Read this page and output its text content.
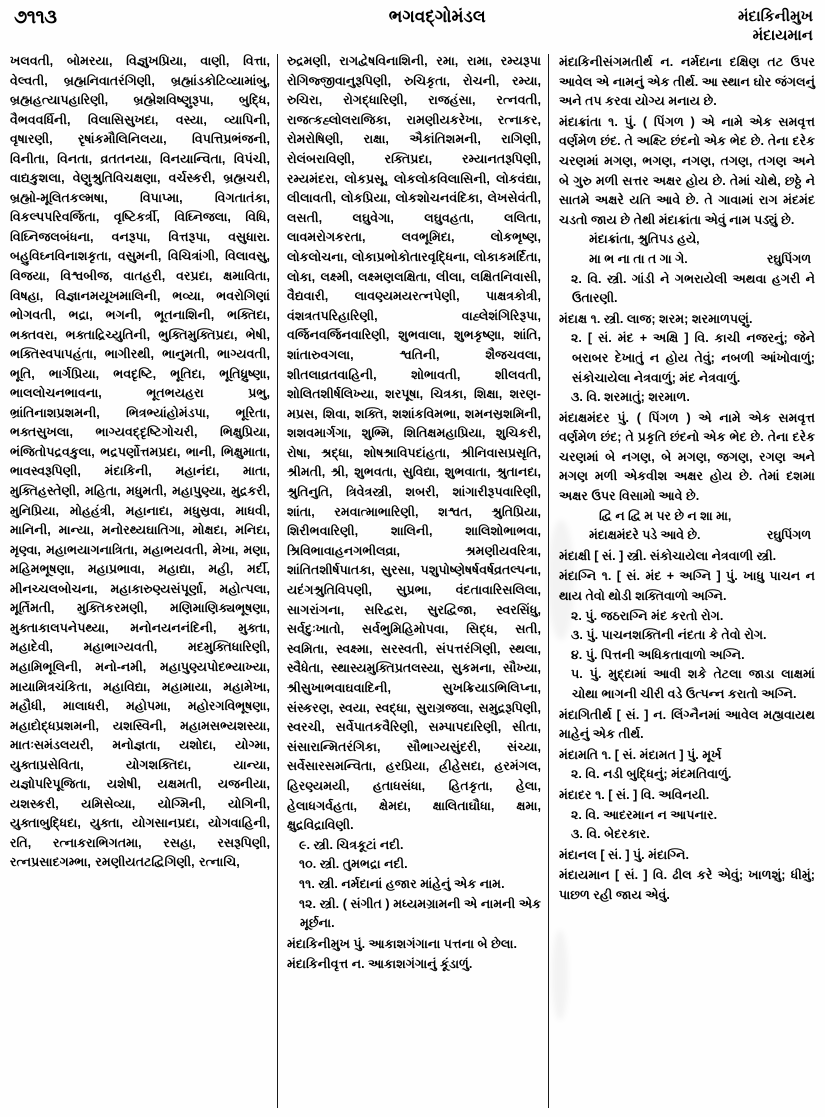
૭૧૧૩	ભગવદ્ગોમંડલ	મંદાકિનીમુખ
મંદાયમાન
ખલવતી, બોમરયા, વિજ્ઞુખપ્રિયા, વાણી, વિત્તા, વેલ્વતી, બ્રહ્મનિવાતરંગિણી, બ્રહ્માંડકોટિવ્યામાંબુ, બ્રહ્મહત્યાપહારિણી, બ્રહ્મેશવિષ્ણુરૂપા, બુદ્ધિ, વૈભવવર્ધિની, વિલાસિસુખદા, વસ્યા, વ્યાપિની, વૃષારણી, રૃષાંકમૌલિનિલયા, વિપત્તિપ્રભંજની, વિનીતા, વિનતા, વ્રતતનયા, વિનયાન્વિતા, વિપંચી, વાદ્યકુશલા, વેણુશ્રુતિવિચક્ષણા, વર્ચસ્કરી, બ્રહ્મચરી, બ્રહ્મો-મૂલિતકલ્મષા, વિપાપ્મા, વિગતાતંકા, વિકલ્પપરિવર્જિતા, વૃષ્ટિકર્ત્રી, વિઘ્નિજલા, વિધિ, વિઘ્નિજલબંધના, વનરૂપા, વિત્તરૂપા, વસુધારા. બહુવિઘ્નવિનાશકૃતા, વસુમની, વિચિત્રાંગી, વિલાવસુ, વિજયા, વિશ્વબીજ, વાતહરી, વરપ્રદા, ક્ષમાવિતા, વિષહા, વિજ્ઞાનમયૂખમાલિની, ભવ્યા, ભવરોગિણાં ભોગવતી, ભદ્રા, ભગની, ભૂતનાશિની, ભક્તિદા, ભક્તવરા, ભક્તાદ્રિચ્યુતિની, ભુક્તિમુક્તિપ્રદા, ભેષી, ભક્તિસ્વપાપહંતા, ભાગીરથી, ભાનુમતી, ભાગ્યવતી, ભૂતિ, ભાર્ગપ્રિયા, ભવદૃષ્ટિ, ભૂતિદા, ભૂતિધ્રુષ્ણા, ભાલલોચનભાવના, ભૂતભયહરા પ્રભુ, ભ્રાંતિનાશપ્રશમની, ભિત્રભ્યાંહોમંડપા, ભૂરિતા, ભક્તસુખલા, ભાગ્યવદ્દૃષ્ટિગોચરી, ભિક્ષુપ્રિયા, ભંજિતોપદ્રવકુલા, ભદ્રપર્ણોત્તમપ્રદા, ભાની, ભિક્ષુમાતા, ભાવસ્વરૂપિણી, મંદાકિની, મહાનંદા, માતા, મુક્તિહસ્તેણી, મહિતા, મધુમતી, મહાપુણ્યા, મુદ્રકરી, મુનિપ્રિયા, મોહહંત્રી, મહાનાદા, મધુસ્રવા, માધવી, માનિની, માન્યા, મનોરથ્યઘાતિગા, મોક્ષદા, મનિદા, મૃણ્વા, મહાભયાગનાત્રિતા, મહાભયવતી, મેખા, મણા, મહિમભૂષણા, મહાપ્રભાવા, મહાદ્યા, મહી, મર્દી, મીનચ્ચલબોચના, મહાકારુણ્યસંપૂર્ણા, મહોત્પલા, મૂર્તિમતી, મુક્તિકરમણી, મણિમાણિક્યભૂષણા, મુક્તાકાલપનેપથ્યા, મનોનયનનંદિની, મુક્તા, મહાદેવી, મહાભાગ્યવતી, મદમુક્તિધારિણી, મહામિભૂલિની, મનો-નમી, મહાપુણ્યપોદભ્યાખ્યા, માયામિત્રચંકિતા, મહાવિદ્યા, મહામાયા, મહામેખા, મહૌધી, માલાધરી, મહોપમા, મહોરગવિભૂષણા, મહાદોદ્ધપ્રશમની, યશસ્વિની, મહામસભ્યશસ્યા, માતઃસમંડલયરી, મનોજ્ઞતા, યશોદા, યોગ્મા, યુક્તાપ્રસેવિતા, યોગશક્તિદા, યાન્યા, યજ્ઞોપરિપૂજિતા, યશેષી, યક્ષમતી, યજનીયા, યશસ્કરી, યમિસેવ્યા, યોગ્મિની, યોગિની, યુક્તાબુદ્ધિદા, યુક્તા, યોગસાનપ્રદા, યોગવાહિની, રતિ, રત્નાકરાભિગતમા, રસહા, રસરૂપિણી, રત્નપ્રસાદગમ્ભા, રમણીયતટદ્વિગિણી, રત્નાચિ,
રુદ્રમણી, રાગદ્વેષવિનાશિની, રમા, રામા, રમ્યરૂપા રોગિજ્જીવાનુરૂપિણી, રુચિકૃતા, રોચની, રમ્યા, રુચિરા, રોગદ્ધારિણી, રાજહંસા, રત્નવતી, રાજત્કહ્લોલરાજિકા, રામણીયકરેખા, રત્નાકર, રોમરોષિણી, રાક્ષા, ઐકાંતિશમની, રાગિણી, રોલંબરાવિણી, રક્તિપ્રદા, રમ્યાનતરૂપિણી, રમ્યમંદરા, લોકપ્રસૂ, લોકલોકવિલાસિની, લોકવંદ્યા, લીલાવતી, લોકપ્રિયા, લોકશોચનવંદિકા, લેખસેવંતી, લસતી, લઘુવેગા, લઘુવહતા, લલિતા, લાવમરોગકરતા, લવભૂમિદા, લોકભૃષ્ણ, લોકલોચના, લોકાપ્રભોકોતારવૃદ્ધિના, લોકાકમર્દિતા, લોકા, લક્ષ્મી, લક્ષ્મણલક્ષિતા, લીલા, લક્ષિતનિવાસી, વૈદ્યવારી, લાવણ્યમયરત્નપેણી, પાક્ષત્રકોત્રી, વંશત્રતપરિહારિણી, વાહ્લેશંગિરિરૂપા, વર્જિનવર્જિનવારિણી, શુભવાલા, શુભકૃષ્ણા, શાંતિ, શાંતારુવગલા, શ્વતિની, શૈજચવલા, શીતલાવ્રતવાહિની, શોભાવતી, શીલવતી, શોલિતશીર્ષલિખ્યા, શરપૂષા, ચિત્રકા, શિક્ષા, શરણ-મપ્રસ, શિવા, શક્તિ, શશાંકવિમભા, શમનસ્રશમિની, શશવમાર્ગગા, શુભ્મિ, શિતિક્ષમહાપ્રિયા, શુચિકરી, રોષા, શ્રદ્ધા, શોષશ્રાવિપદાંહતા, શ્રીનિવાસપ્રસૃતિ, શ્રીમતી, શ્રી, શુભવતા, સુવિદ્યા, શુભવાતા, શ્રુતાનદા, શ્રુતિનુતિ, ત્રિવેત્રસ્ત્રી, શબરી, શાંગારીરૂપવારિણી, શાંતા, રમવાત્માભારિણી, શશ્વત, શ્રુતિપ્રિયા, શિરીભવારિણી, શાલિની, શાલિશોભાભવા, શ્રિવિભાવાહનગભીલવ્રા, શ્રમણીયવરિત્રા, શાંતિતશીર્ષપાતકા, સુરસા, પશુપોષ્ણેષર્ષવર્ષવ્રતલ્પના, યદંગશ્રુતિવિપણી, સુપ્રભા, વંદતાવારિસલિલા, સાગરાંગના, સરિદ્વરા, સુરદ્વિજા, સ્વરસિંધુ, સર્વદુઃખાતો, સર્વભુમિહિમોપવા, સિદ્ધ, સતી, સ્વમિતા, સ્વક્ષ્મા, સરસ્વતી, સંપત્તરંગિણી, સ્થલા, સ્વૈધેતા, સ્થાસ્યમુક્તિપ્રતલસ્યા, સુકમના, સૌખ્યા, શ્રીસુખાભવાઘવાદિની, સુખક્રિયાઽભિલિપ્ના, સંસ્કરણ, સ્વયા, સ્વદ્ધા, સુરાગ્રજલા, સમુદ્રરૂપિણી, સ્વરચી, સર્વેપાતકવૈરિણી, સમ્પાપદારિણી, સીતા, સંસારાન્મિતરંગિકા, સૌભાગ્યસુંદરી, સંચ્યા, સર્વેસારસમન્વિતા, હરપ્રિયા, હ્રીહેસદા, હરમંગલ, હિરણ્યમયી, હતાધસંધા, હિતકૃતા, હેલા, હેલાધગર્વહતા, ક્ષેમદા, ક્ષાલિતાઘૌધા, ક્ષમા, ક્ષુદ્રવિદ્રાવિણી.
૯. સ્ત્રી. ચિત્રકૂટાં નદી.
૧૦. સ્ત્રી. તુમભદ્રા નદી.
૧૧. સ્ત્રી. નર્મદાનાં હજાર માંહેનું એક નામ.
૧૨. સ્ત્રી. ( સંગીત ) મધ્યમગ્રામની એ નામની એક મૂર્છના.
મંદાકિનીમુખ પું. આકાશગંગાના પત્તના બે છેલા.
મંદાકિનીવૃત્ત ન. આકાશગંગાનું કૂંડાળું.
મંદાકિનીસંગમતીર્થ ન. નર્મદાના દક્ષિણ તટ ઉપર આવેલ એ નામનું એક તીર્થ. આ સ્થાન ઘોર જંગલનું અને તપ કરવા યોગ્ય મનાય છે.
મંદાક્રાંતા ૧. પું. ( પિંગળ ) એ નામે એક સમવૃત્ત વર્ણમેળ છંદ. તે અક્ષ્ટિ છંદનો એક ભેદ છે. તેના દરેક ચરણમાં મગણ, ભગણ, નગણ, તગણ, તગણ અને બે ગુરુ મળી સત્તર અક્ષર હોય છે. તેમાં ચોથે, છઠ્ઠે ને સાતમે અક્ષરે યતિ આવે છે. તે ગાવામાં રાગ મંદમંદ ચડતો જાય છે તેથી મંદાક્રાંતા એવું નામ પડ્યું છે.
મંદાક્રાંતા, શ્રુતિ૫ડ હયે,
મા ભ ના તા ત ગા ગે.	રઘુપિંગળ
૨. વિ. સ્ત્રી. ગાંડી ને ગભરાયેલી અથવા હગરી ને ઉતારણી.
મંદાક્ષ ૧. સ્ત્રી. લાજ; શરમ; શરમાળપણું.
૨. [ સં. મંદ + અક્ષિ ] વિ. કાચી નજરનું; જેને બરાબર દેખાતું ન હોય તેવું; નબળી આંખોવાળું; સંકોચાયેલા નેત્રવાળું; મંદ નેત્રવાળું.
૩. વિ. શરમાતું; શરમાળ.
મંદાક્ષમંદર પું. ( પિંગળ ) એ નામે એક સમવૃત્ત વર્ણમેળ છંદ; તે પ્રકૃતિ છંદનો એક ભેદ છે. તેના દરેક ચરણમાં બે નગણ, બે મગણ, જગણ, રગણ અને મગણ મળી એકવીશ અક્ષર હોય છે. તેમાં દશમા અક્ષર ઉપર વિસામો આવે છે.
દ્વિ ન દ્વિ મ પર છે ન શા મા,
મંદાક્ષમંદરે પડે આવે છે.	રઘુપિંગળ
મંદાક્ષી [ સં. ] સ્ત્રી. સંકોચાયેલા નેત્રવાળી સ્ત્રી.
મંદાગ્નિ ૧. [ સં. મંદ + અગ્નિ ] પું. ખાધુ પાચન ન થાય તેવો થોડી શક્તિવાળો અગ્નિ.
૨. પું. જઠરાગ્નિ મંદ કરતો રોગ.
૩. પું. પાચનશક્તિની નંદતા કે તેવો રોગ.
૪. પું. પિત્તની અધિકતાવાળો અગ્નિ.
૫. પું. મુદ્દામાં આવી શકે તેટલા જાડા લાક્ષમાં ચોથા ભાગની ચીરી વડે ઉત્પન્ન કરાતો અગ્નિ.
મંદાગિતીર્થ [ સં. ] ન. લિંગ્નૈનમાં આવેલ મહ્યવાયથ માહેનું એક તીર્થ.
મંદામતિ ૧. [ સં. મંદામત ] પું. મૂર્ખ
૨. વિ. નડી બુદ્ધિનું; મંદમતિવાળું.
મંદાદર ૧. [ સં. ] વિ. અવિનયી.
૨. વિ. આદરમાન ન આપનાર.
૩. વિ. બેદરકાર.
મંદાનલ [ સં. ] પું. મંદાગ્નિ.
મંદાયમાન [ સં. ] વિ. ઢીલ કરે એવું; ખાળશું; ધીમું; પાછળ રહી જાય એવું.
